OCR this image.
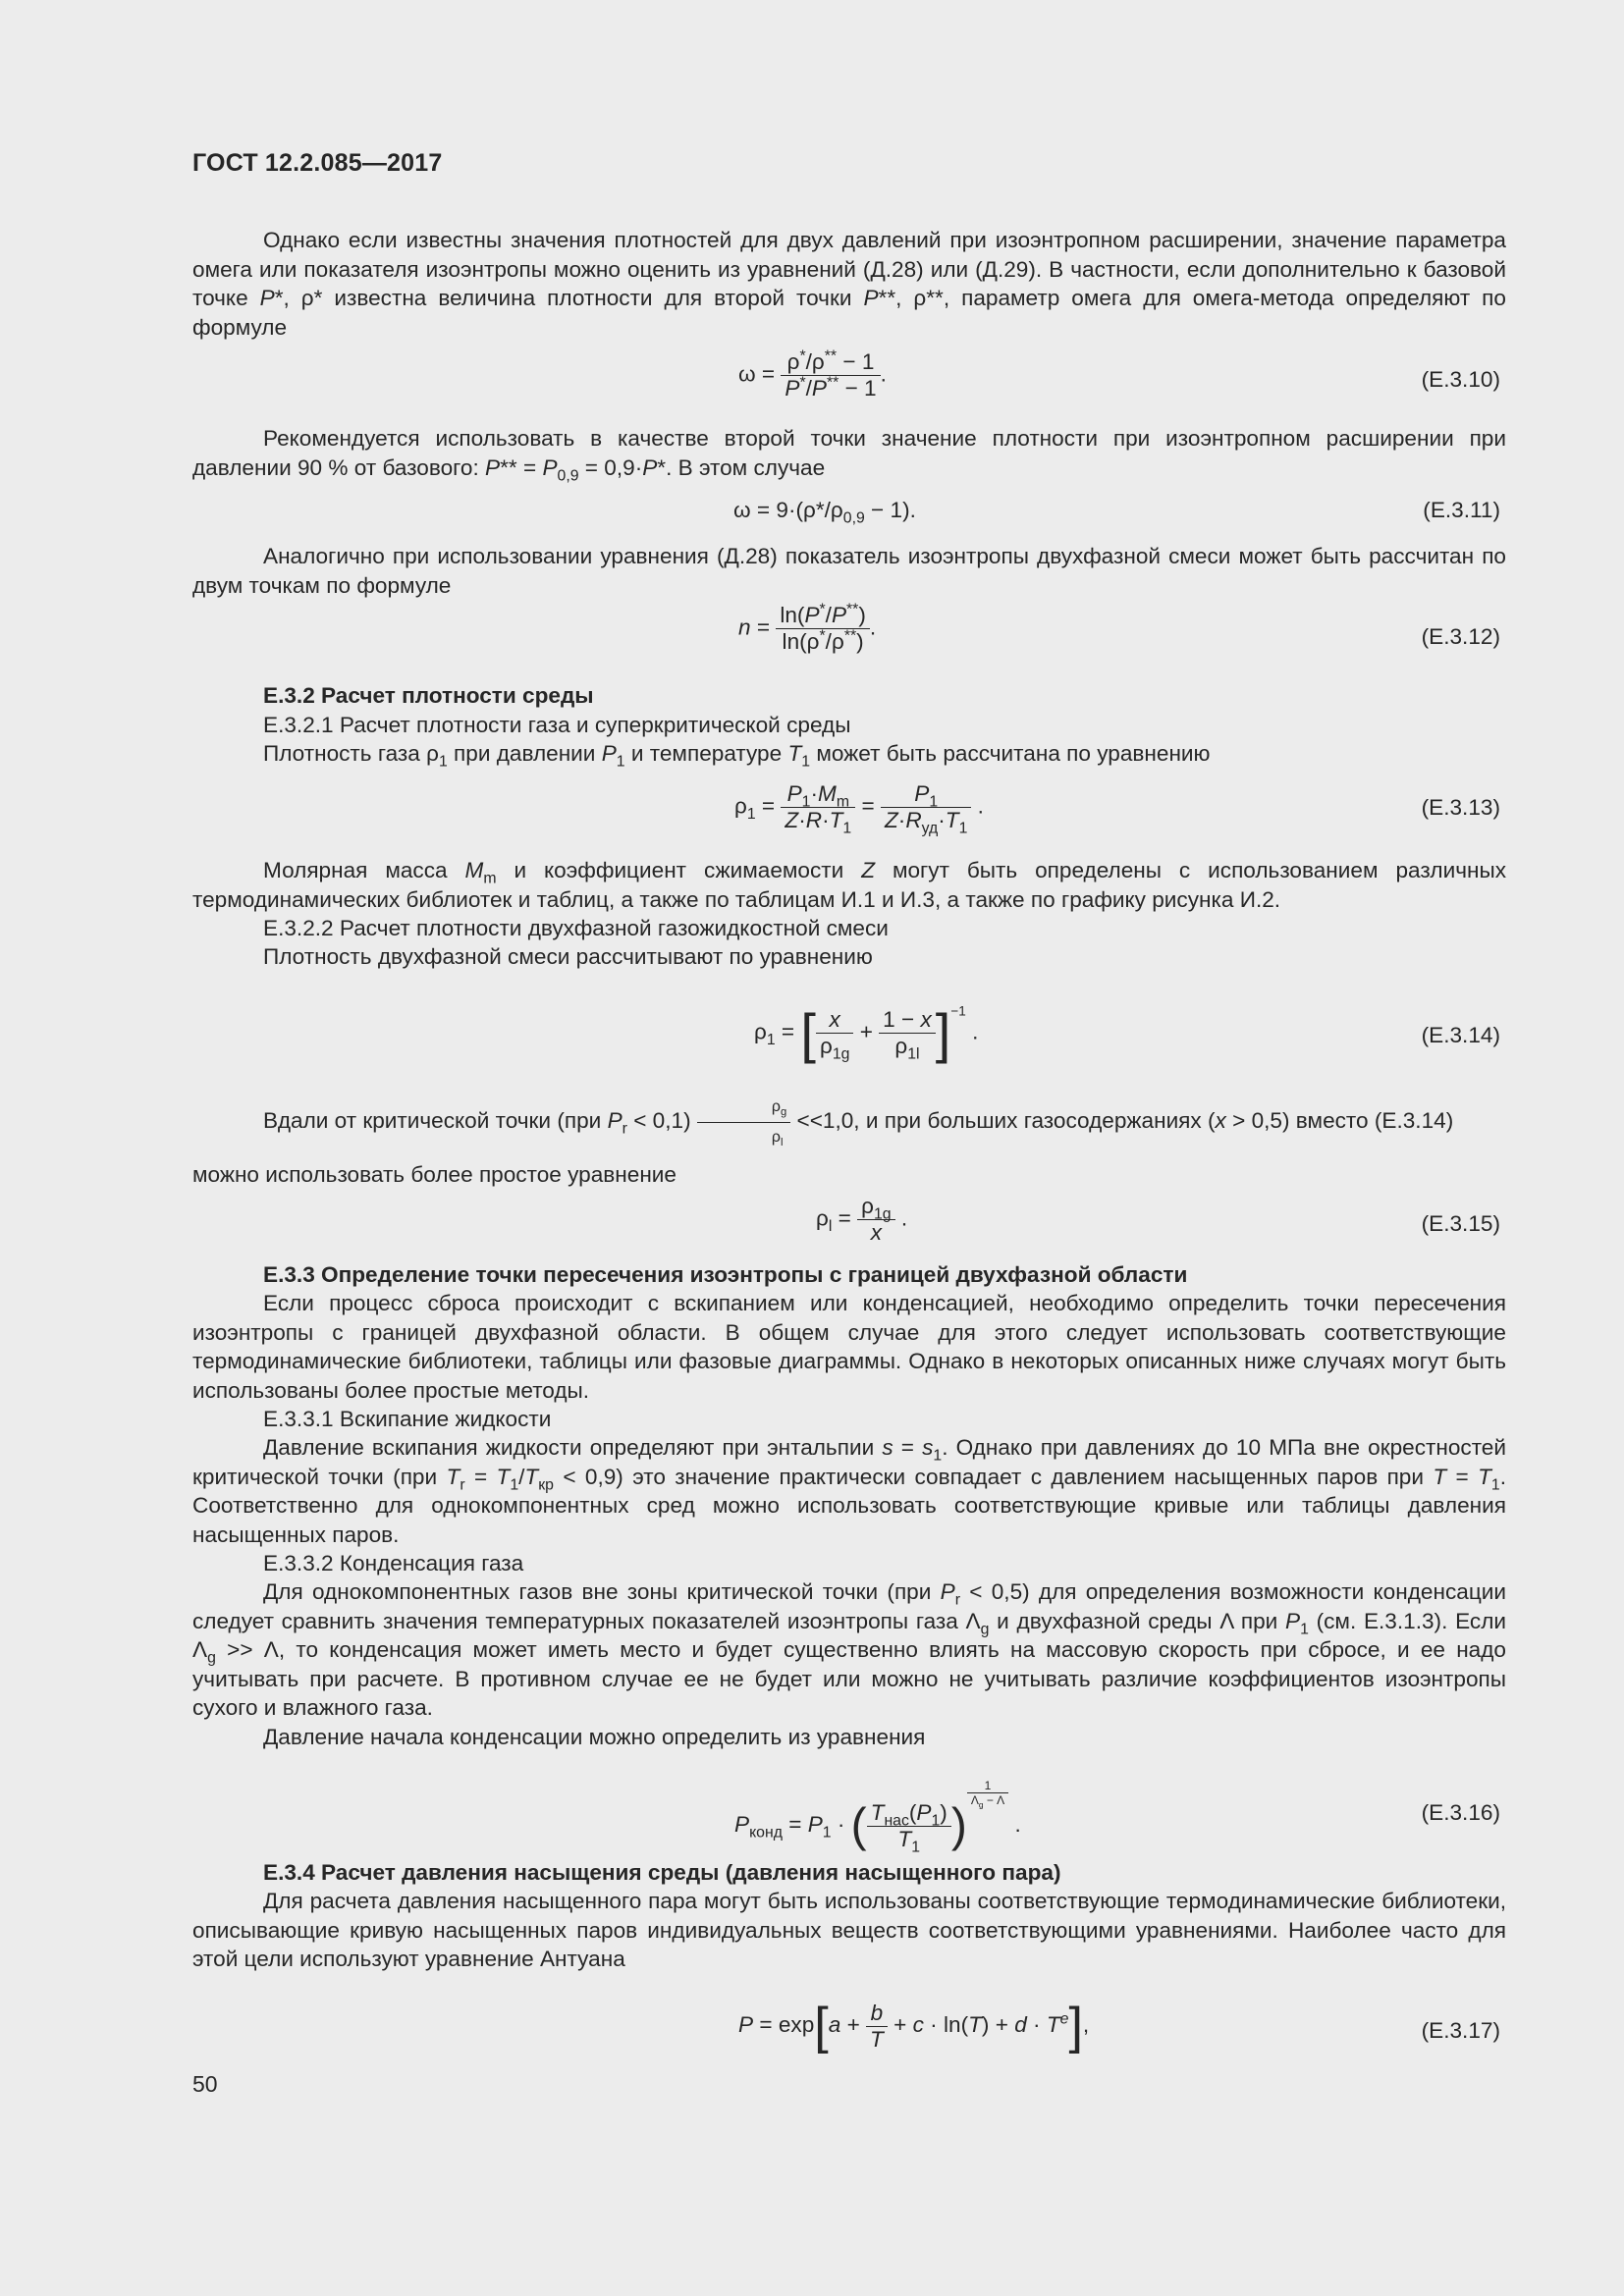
ГОСТ 12.2.085—2017
Однако если известны значения плотностей для двух давлений при изоэнтропном расширении, значение параметра омега или показателя изоэнтропы можно оценить из уравнений (Д.28) или (Д.29). В частности, если дополнительно к базовой точке P*, ρ* известна величина плотности для второй точки P**, ρ**, параметр омега для омега-метода определяют по формуле
$\omega = \frac{\rho^*/\rho^{**} - 1}{P^*/P^{**} - 1}$ .	(Е.3.10)
Рекомендуется использовать в качестве второй точки значение плотности при изоэнтропном расширении при давлении 90 % от базового: $P** = P_{0,9} = 0,9\cdot P*$. В этом случае
$\omega = 9\cdot(\rho*/\rho_{0,9} - 1)$.	(Е.3.11)
Аналогично при использовании уравнения (Д.28) показатель изоэнтропы двухфазной смеси может быть рассчитан по двум точкам по формуле
$n = \frac{\ln(P^*/P^{**})}{\ln(\rho^*/\rho^{**})}$ .	(Е.3.12)
Е.3.2 Расчет плотности среды
Е.3.2.1 Расчет плотности газа и суперкритической среды
Плотность газа $\rho_1$ при давлении $P_1$ и температуре $T_1$ может быть рассчитана по уравнению
$\rho_1 = \frac{P_1\cdot M_m}{Z\cdot R\cdot T_1} = \frac{P_1}{Z\cdot R_{уд}\cdot T_1}$ .	(Е.3.13)
Молярная масса $M_m$ и коэффициент сжимаемости Z могут быть определены с использованием различных термодинамических библиотек и таблиц, а также по таблицам И.1 и И.3, а также по графику рисунка И.2.
Е.3.2.2 Расчет плотности двухфазной газожидкостной смеси
Плотность двухфазной смеси рассчитывают по уравнению
$\rho_1$ = [ $\frac{x}{\rho_{1g}} + \frac{1 - x}{\rho_{1l}} ]^{-1}$ .	(Е.3.14)
Вдали от критической точки (при $P_r < 0,1) \frac{\rho_g}{\rho_l} <<1,0$, и при больших газосодержаниях (x > 0,5) вместо (Е.3.14)
можно использовать более простое уравнение
$\rho_l = \frac{\rho_{1g}}{x}$ .	(Е.3.15)
Е.3.3 Определение точки пересечения изоэнтропы с границей двухфазной области
Если процесс сброса происходит с вскипанием или конденсацией, необходимо определить точки пересечения изоэнтропы с границей двухфазной области. В общем случае для этого следует использовать соответствующие термодинамические библиотеки, таблицы или фазовые диаграммы. Однако в некоторых описанных ниже случаях могут быть использованы более простые методы.
Е.3.3.1 Вскипание жидкости
Давление вскипания жидкости определяют при энтальпии $s = s_1$. Однако при давлениях до 10 МПа вне окрестностей критической точки (при $T_r = T_1/T_{кр} < 0,9$) это значение практически совпадает с давлением насыщенных паров при $T = T_1$. Соответственно для однокомпонентных сред можно использовать соответствующие кривые или таблицы давления насыщенных паров.
Е.3.3.2 Конденсация газа
Для однокомпонентных газов вне зоны критической точки (при $P_r < 0,5$) для определения возможности конденсации следует сравнить значения температурных показателей изоэнтропы газа $\Lambda_g$ и двухфазной среды Λ при $P_1$ (см. Е.3.1.3). Если $\Lambda_g >> \Lambda$, то конденсация может иметь место и будет существенно влиять на массовую скорость при сбросе, и ее надо учитывать при расчете. В противном случае ее не будет или можно не учитывать различие коэффициентов изоэнтропы сухого и влажного газа.
Давление начала конденсации можно определить из уравнения
$P_{конд} = P_1$ · ( $\frac{T_{нас}(P_1)}{T_1}$ )
$\frac{1}{\Lambda_g - \Lambda}$
.	(Е.3.16)
Е.3.4 Расчет давления насыщения среды (давления насыщенного пара)
Для расчета давления насыщенного пара могут быть использованы соответствующие термодинамические библиотеки, описывающие кривую насыщенных паров индивидуальных веществ соответствующими уравнениями. Наиболее часто для этой цели используют уравнение Антуана
$P = \exp[a + \frac{b}{T} + c \cdot \ln(T) + d \cdot T^e]$,	(Е.3.17)
50
